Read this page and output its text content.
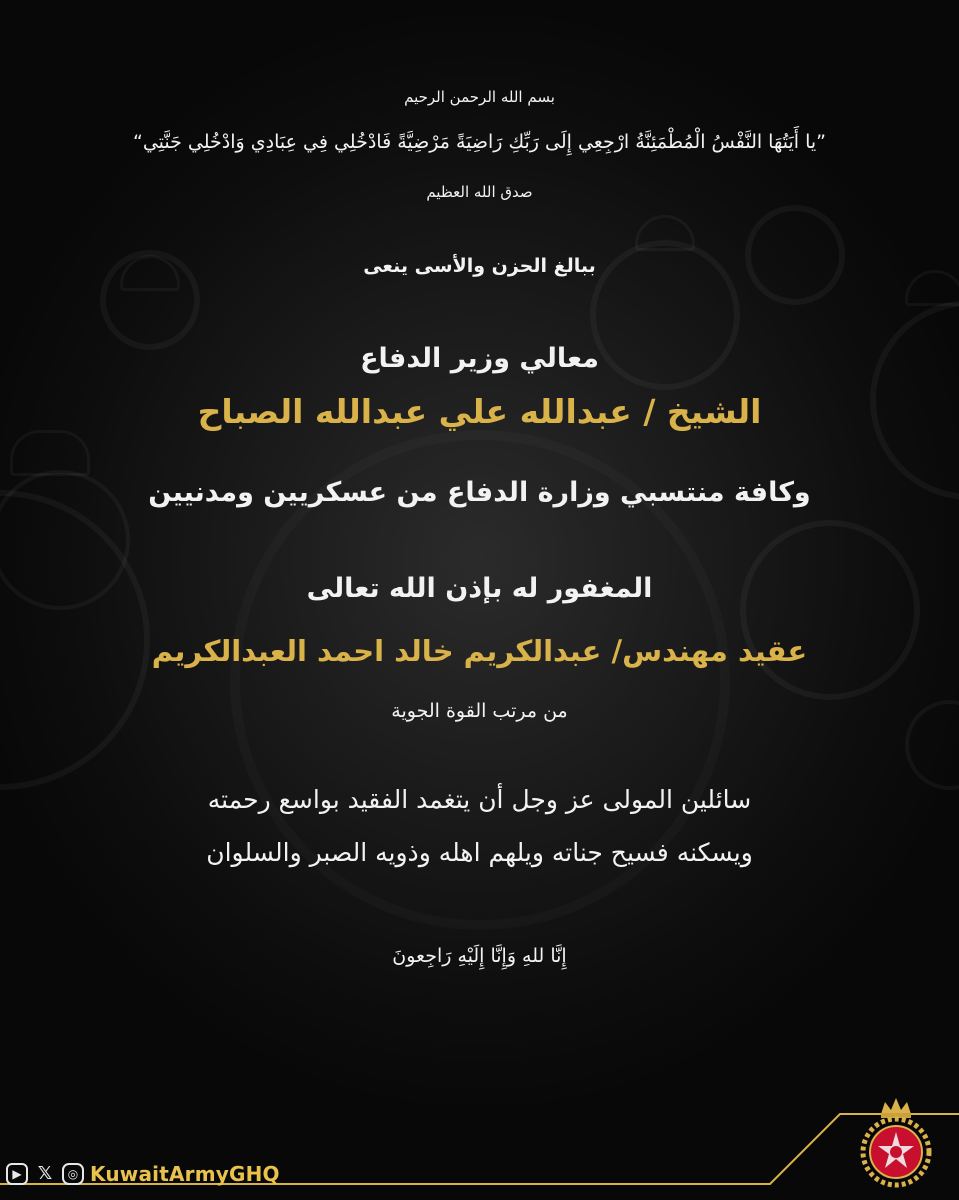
بسم الله الرحمن الرحيم
”يا أَيَتُهَا النَّفْسُ الْمُطْمَئِنَّةُ ارْجِعِي إِلَى رَبِّكِ رَاضِيَةً مَرْضِيَّةً فَادْخُلِي فِي عِبَادِي وَادْخُلِي جَنَّتِي“
صدق الله العظيم
ببالغ الحزن والأسى ينعى
معالي وزير الدفاع
الشيخ / عبدالله علي عبدالله الصباح
وكافة منتسبي وزارة الدفاع من عسكريين ومدنيين
المغفور له بإذن الله تعالى
عقيد مهندس/ عبدالكريم خالد احمد العبدالكريم
من مرتب القوة الجوية
سائلين المولى عز وجل أن يتغمد الفقيد بواسع رحمته
ويسكنه فسيح جناته ويلهم اهله وذويه الصبر والسلوان
إِنَّا للهِ وَإِنَّا إِلَيْهِ رَاجِعونَ
▶ 𝕏	◎ KuwaitArmyGHQ
